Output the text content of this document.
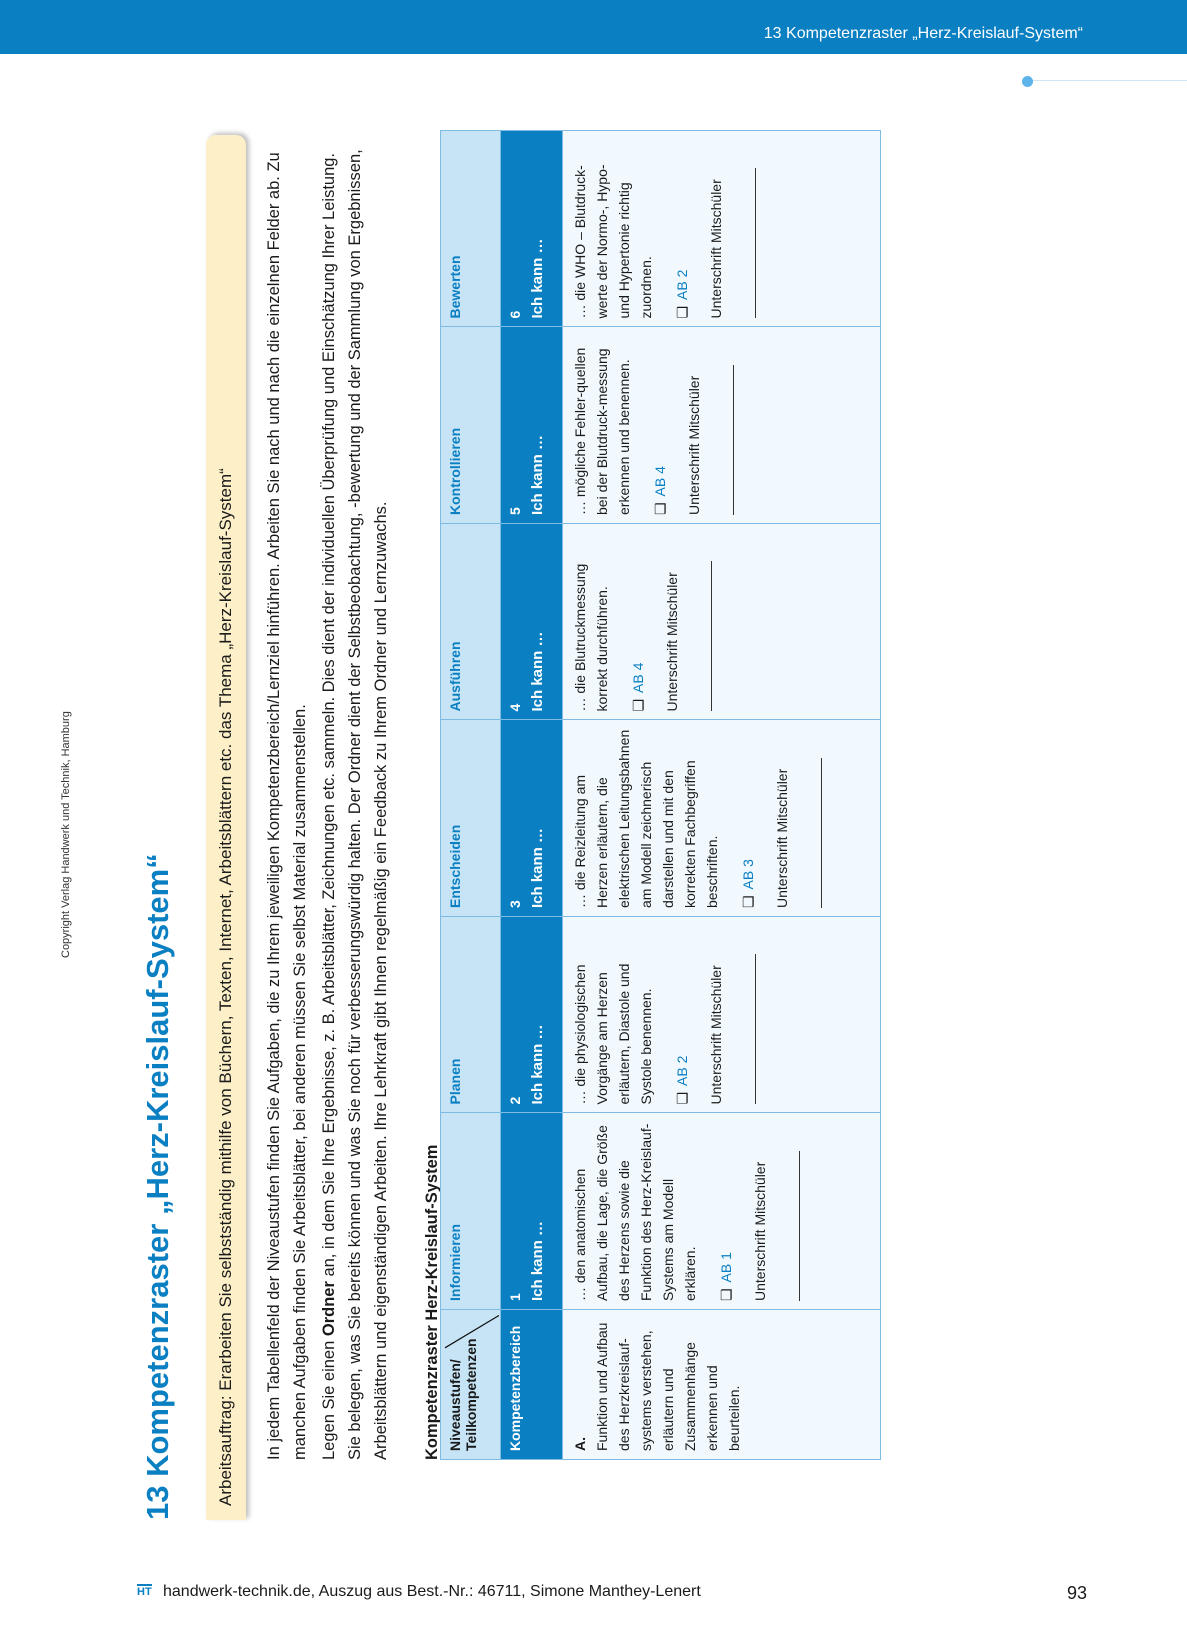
13 Kompetenzraster „Herz-Kreislauf-System“
Copyright Verlag Handwerk und Technik, Hamburg
13 Kompetenzraster „Herz-Kreislauf-System“	Arbeitsauftrag: Erarbeiten Sie selbstständig mithilfe von Büchern, Texten, Internet, Arbeitsblättern etc. das Thema „Herz-Kreislauf-System“	In jedem Tabellenfeld der Niveaustufen finden Sie Aufgaben, die zu Ihrem jeweiligen Kompetenzbereich/Lernziel hinführen. Arbeiten Sie nach und nach die einzelnen Felder ab. Zu manchen Aufgaben finden Sie Arbeitsblätter, bei anderen müssen Sie selbst Material zusammenstellen. Legen Sie einen Ordner an, in dem Sie Ihre Ergebnisse, z. B. Arbeitsblätter, Zeichnungen etc. sammeln. Dies dient der individuellen Überprüfung und Einschätzung Ihrer Leistung. Sie belegen, was Sie bereits können und was Sie noch für verbesserungswürdig halten. Der Ordner dient der Selbstbeobachtung, -bewertung und der Sammlung von Ergebnissen, Arbeitsblättern und eigenständigen Arbeiten. Ihre Lehrkraft gibt Ihnen regelmäßig ein Feedback zu Ihrem Ordner und Lernzuwachs. Kompetenzraster Herz-Kreislauf-System Niveaustufen/ Teilkompetenzen	Informieren	Planen	Entscheiden	Ausführen	Kontrollieren	Bewerten
Kompetenzbereich	1 Ich kann …	2 Ich kann …	3 Ich kann …	4 Ich kann …	5 Ich kann …	6 Ich kann …

A. Funktion und Aufbau des Herzkreislauf-systems verstehen, erläutern und Zusammenhänge erkennen und beurteilen.	… den anatomischen Aufbau, die Lage, die Größe des Herzens sowie die Funktion des Herz-Kreislauf-Systems am Modell erklären. ❑AB 1 Unterschrift Mitschüler	… die physiologischen Vorgänge am Herzen erläutern, Diastole und Systole benennen. ❑AB 2 Unterschrift Mitschüler	… die Reizleitung am Herzen erläutern, die elektrischen Leitungsbahnen am Modell zeichnerisch darstellen und mit den korrekten Fachbegriffen beschriften. ❑AB 3 Unterschrift Mitschüler	… die Blutruckmessung korrekt durchführen. ❑AB 4 Unterschrift Mitschüler	… mögliche Fehler-quellen bei der Blutdruck-messung erkennen und benennen. ❑AB 4 Unterschrift Mitschüler	… die WHO – Blutdruck-werte der Normo-, Hypo- und Hypertonie richtig zuordnen. ❑AB 2 Unterschrift Mitschüler
HT handwerk-technik.de, Auszug aus Best.-Nr.: 46711, Simone Manthey-Lenert	93
